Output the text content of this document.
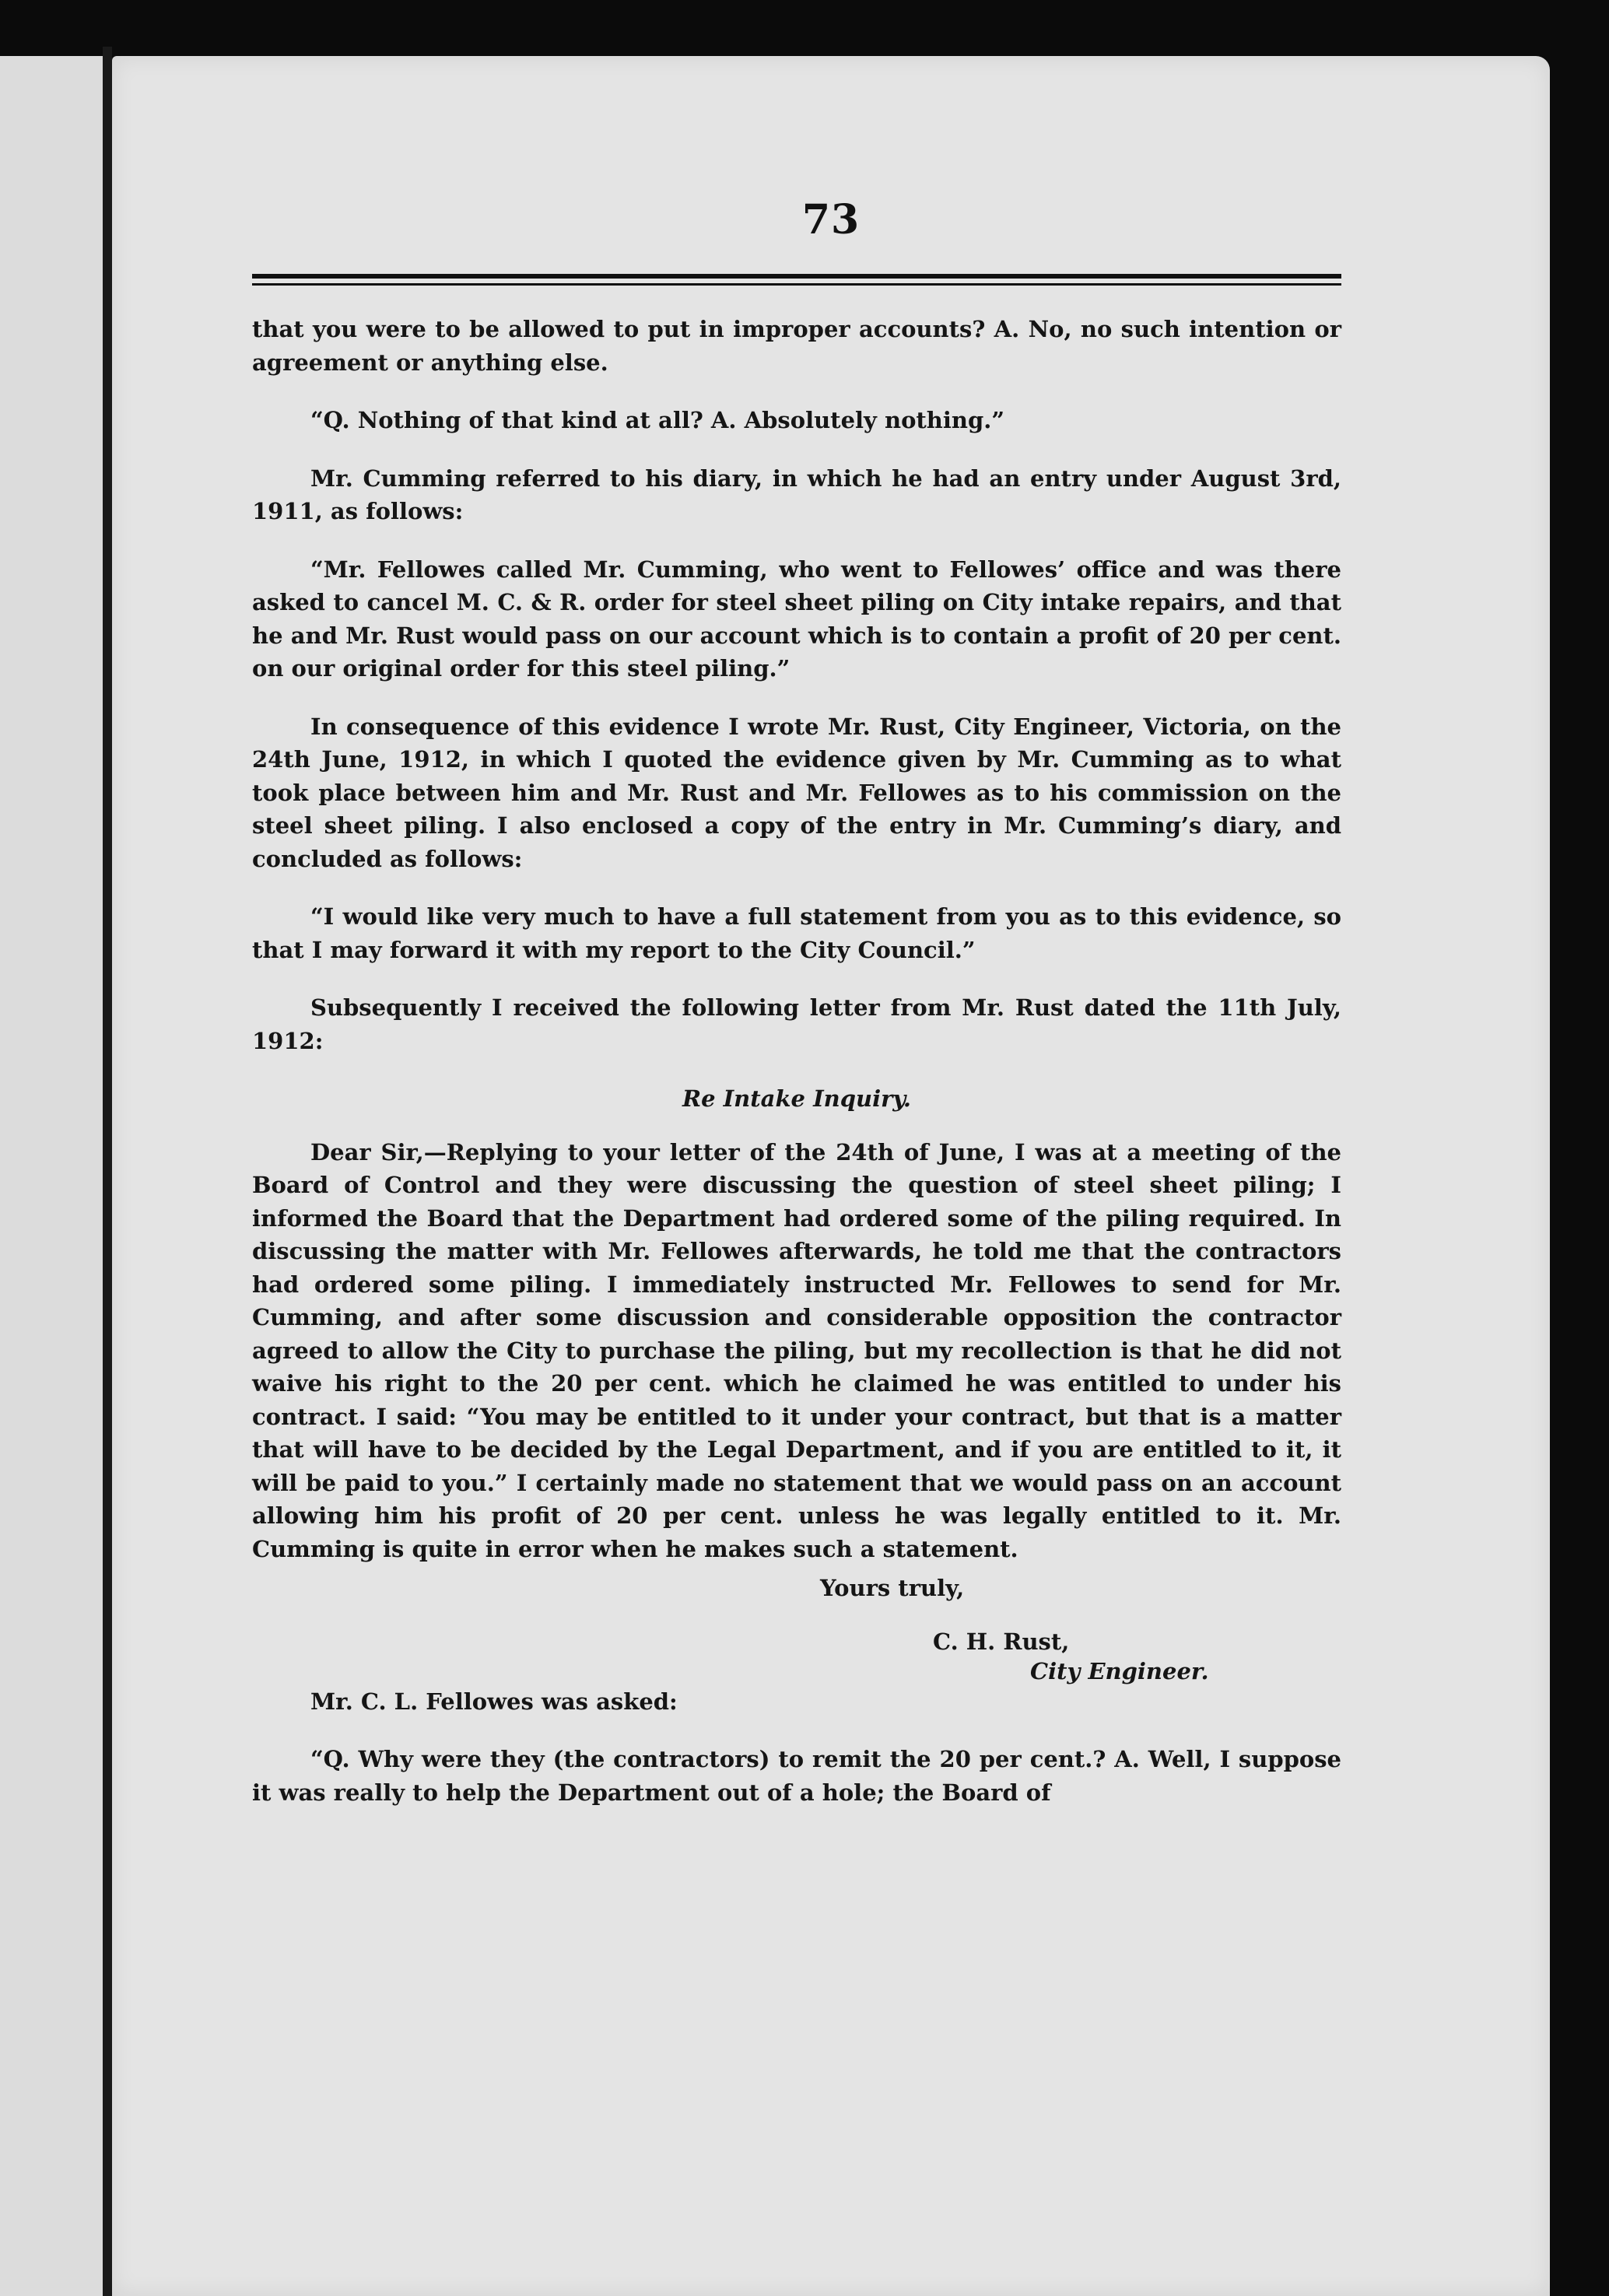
73

that you were to be allowed to put in improper accounts? A. No, no such intention or agreement or anything else.

“Q. Nothing of that kind at all? A. Absolutely nothing.”

Mr. Cumming referred to his diary, in which he had an entry under August 3rd, 1911, as follows:

“Mr. Fellowes called Mr. Cumming, who went to Fellowes’ office and was there asked to cancel M. C. & R. order for steel sheet piling on City intake repairs, and that he and Mr. Rust would pass on our account which is to contain a profit of 20 per cent. on our original order for this steel piling.”

In consequence of this evidence I wrote Mr. Rust, City Engineer, Victoria, on the 24th June, 1912, in which I quoted the evidence given by Mr. Cumming as to what took place between him and Mr. Rust and Mr. Fellowes as to his commission on the steel sheet piling. I also enclosed a copy of the entry in Mr. Cumming’s diary, and concluded as follows:

“I would like very much to have a full statement from you as to this evidence, so that I may forward it with my report to the City Council.”

Subsequently I received the following letter from Mr. Rust dated the 11th July, 1912:

Re Intake Inquiry.

Dear Sir,—Replying to your letter of the 24th of June, I was at a meeting of the Board of Control and they were discussing the question of steel sheet piling; I informed the Board that the Department had ordered some of the piling required. In discussing the matter with Mr. Fellowes afterwards, he told me that the contractors had ordered some piling. I immediately instructed Mr. Fellowes to send for Mr. Cumming, and after some discussion and considerable opposition the contractor agreed to allow the City to purchase the piling, but my recollection is that he did not waive his right to the 20 per cent. which he claimed he was entitled to under his contract. I said: “You may be entitled to it under your contract, but that is a matter that will have to be decided by the Legal Department, and if you are entitled to it, it will be paid to you.” I certainly made no statement that we would pass on an account allowing him his profit of 20 per cent. unless he was legally entitled to it. Mr. Cumming is quite in error when he makes such a statement.

Yours truly,

C. H. Rust,

City Engineer.

Mr. C. L. Fellowes was asked:

“Q. Why were they (the contractors) to remit the 20 per cent.? A. Well, I suppose it was really to help the Department out of a hole; the Board of
